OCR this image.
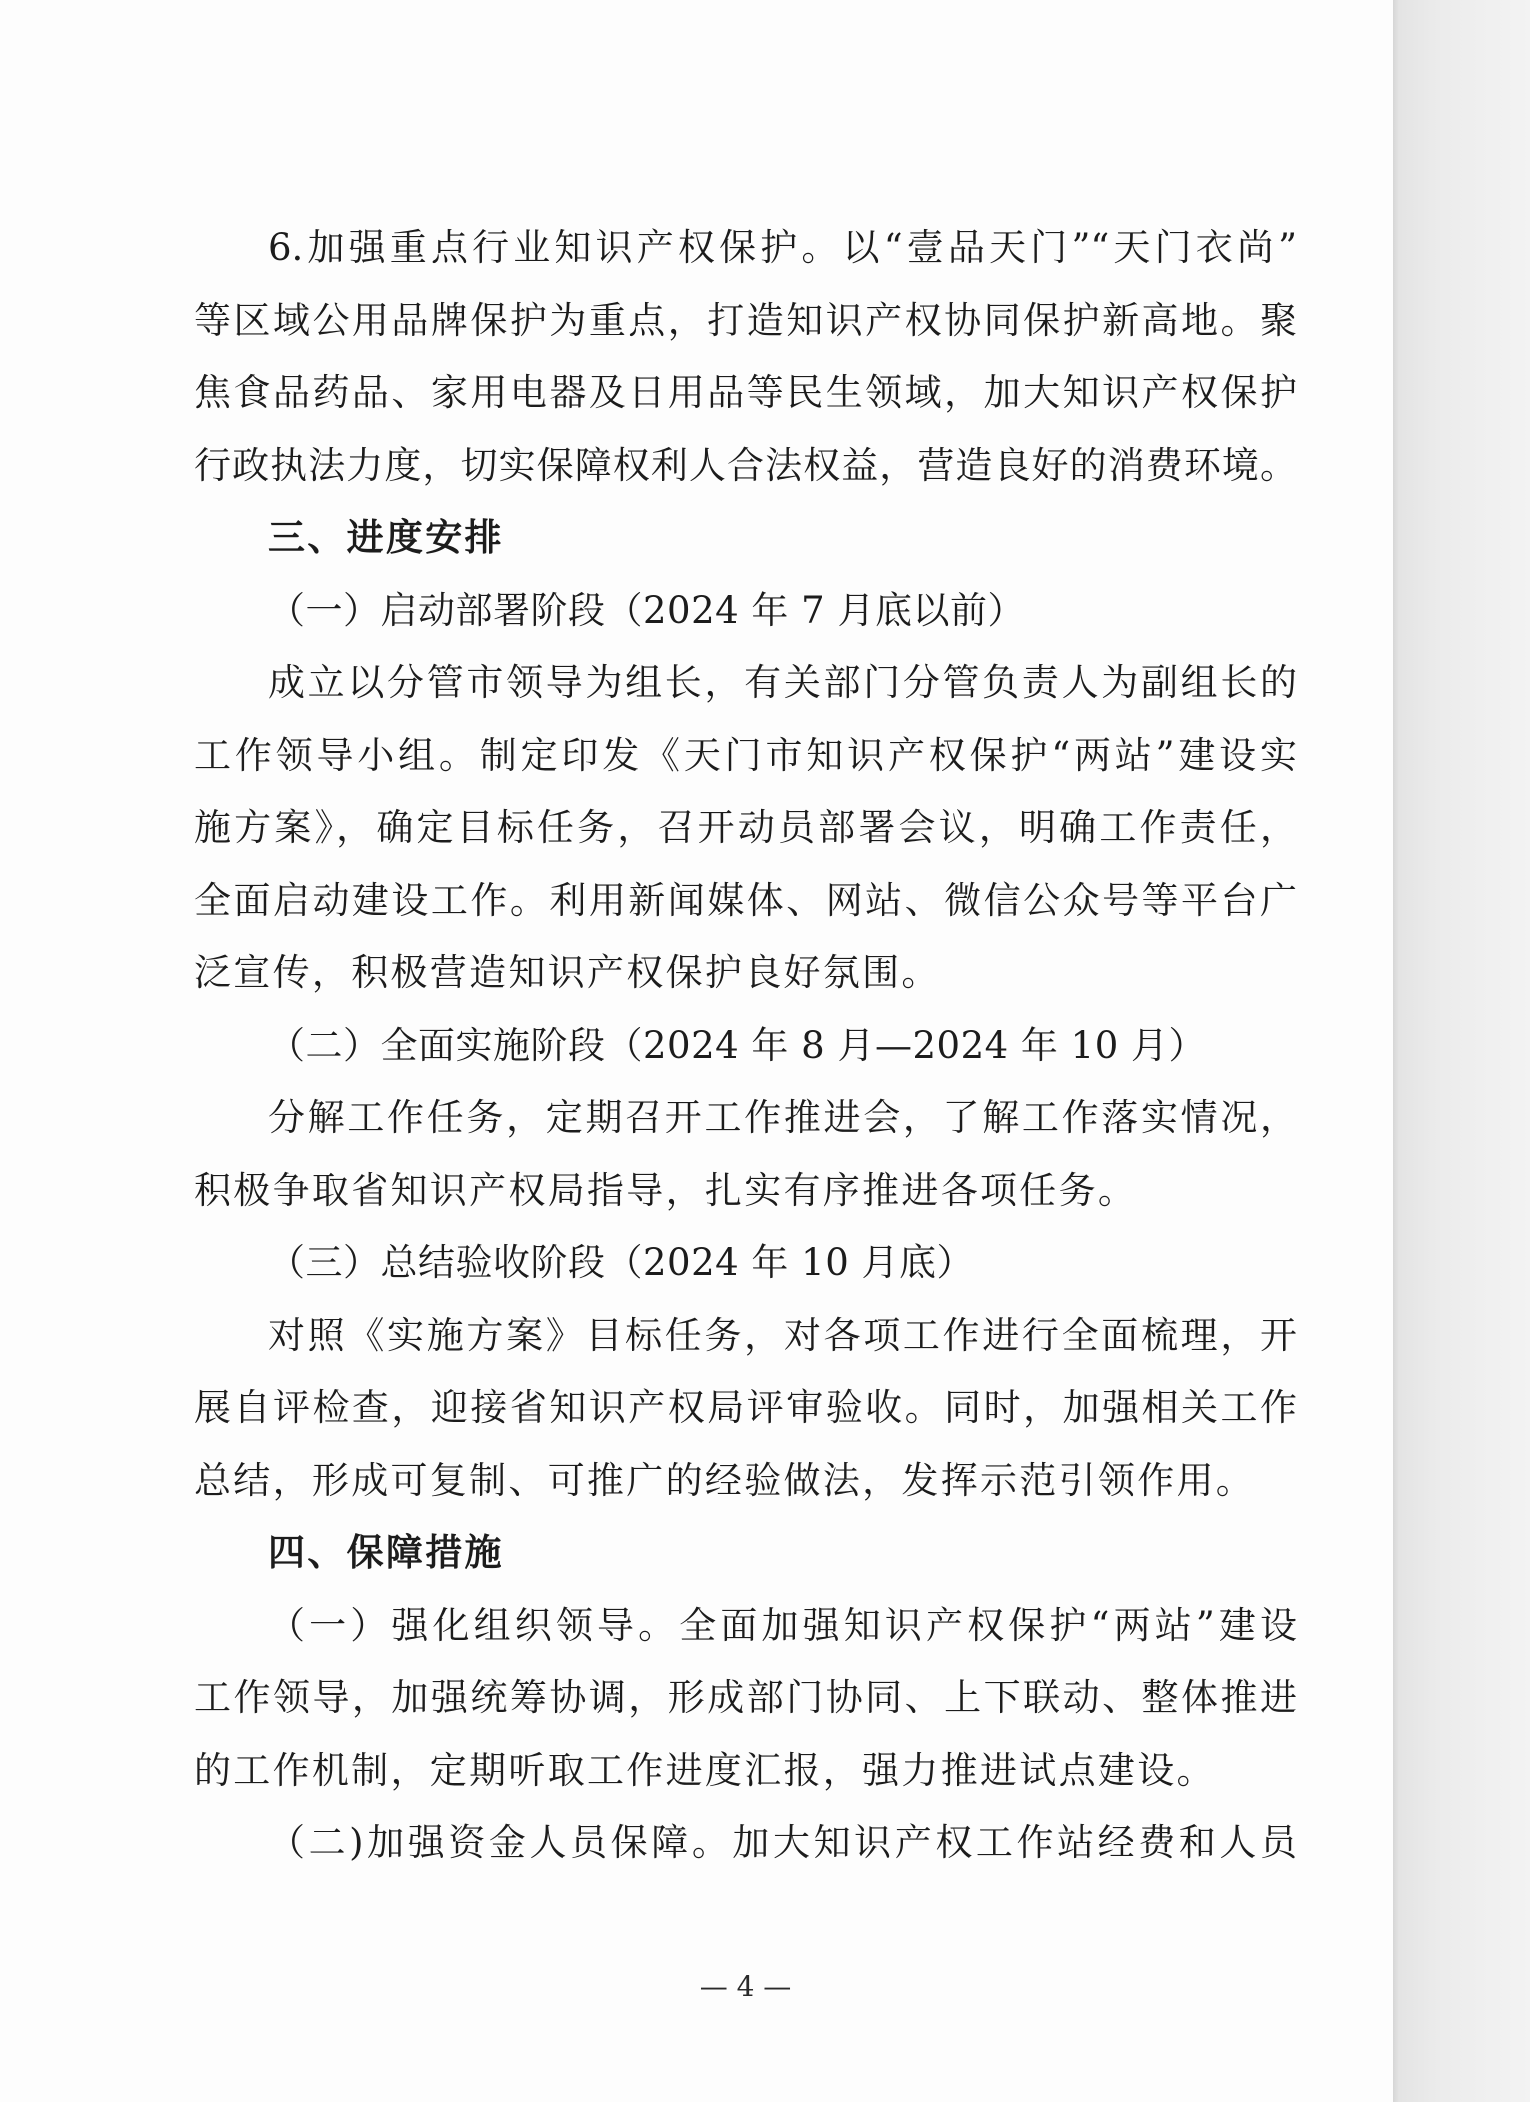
6.加强重点行业知识产权保护。以“壹品天门”“天门衣尚”
等区域公用品牌保护为重点，打造知识产权协同保护新高地。聚
焦食品药品、家用电器及日用品等民生领域，加大知识产权保护
行政执法力度，切实保障权利人合法权益，营造良好的消费环境。
三、进度安排
（一）启动部署阶段（2024 年 7 月底以前）
成立以分管市领导为组长，有关部门分管负责人为副组长的
工作领导小组。制定印发《天门市知识产权保护“两站”建设实
施方案》，确定目标任务，召开动员部署会议，明确工作责任，
全面启动建设工作。利用新闻媒体、网站、微信公众号等平台广
泛宣传，积极营造知识产权保护良好氛围。
（二）全面实施阶段（2024 年 8 月—2024 年 10 月）
分解工作任务，定期召开工作推进会，了解工作落实情况，
积极争取省知识产权局指导，扎实有序推进各项任务。
（三）总结验收阶段（2024 年 10 月底）
对照《实施方案》目标任务，对各项工作进行全面梳理，开
展自评检查，迎接省知识产权局评审验收。同时，加强相关工作
总结，形成可复制、可推广的经验做法，发挥示范引领作用。
四、保障措施
（一）强化组织领导。全面加强知识产权保护“两站”建设
工作领导，加强统筹协调，形成部门协同、上下联动、整体推进
的工作机制，定期听取工作进度汇报，强力推进试点建设。
（二)加强资金人员保障。加大知识产权工作站经费和人员
— 4 —
